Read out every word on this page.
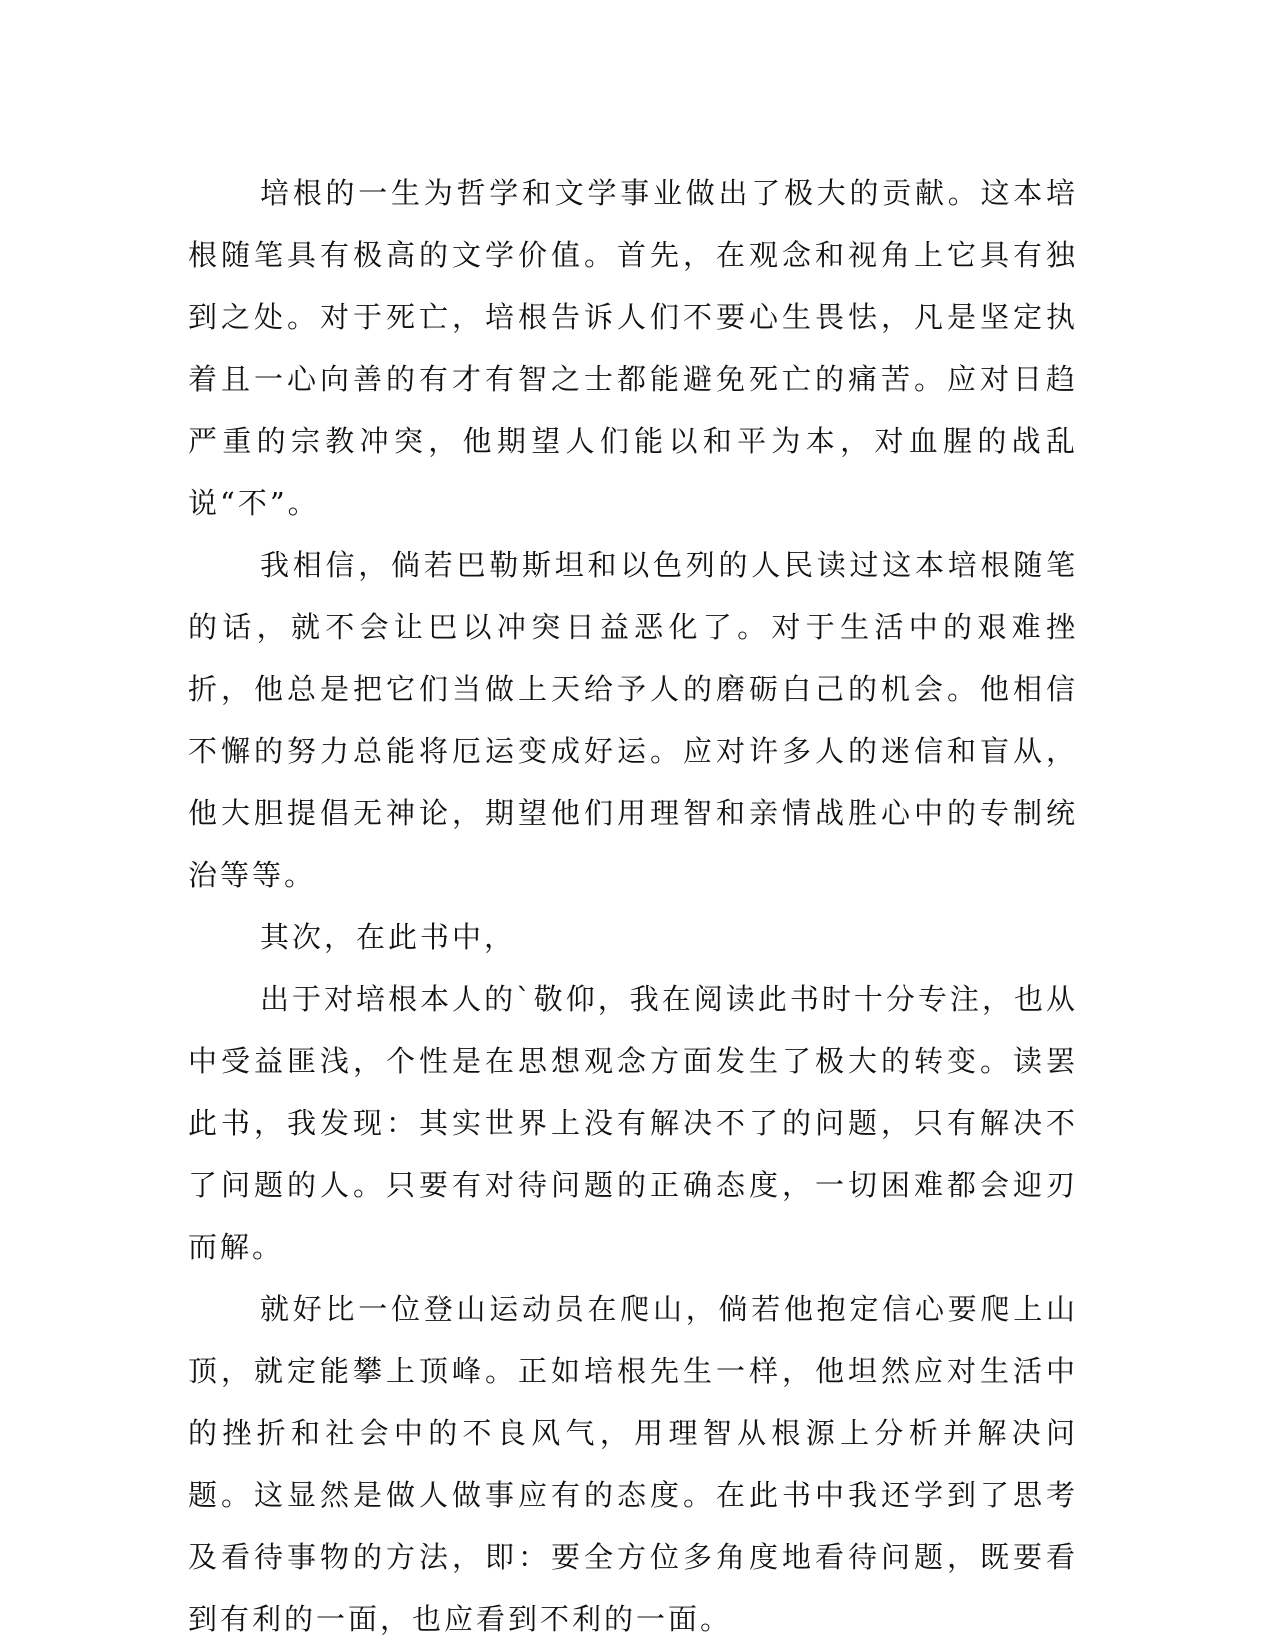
培根的一生为哲学和文学事业做出了极大的贡献。这本培根随笔具有极高的文学价值。首先，在观念和视角上它具有独到之处。对于死亡，培根告诉人们不要心生畏怯，凡是坚定执着且一心向善的有才有智之士都能避免死亡的痛苦。应对日趋严重的宗教冲突，他期望人们能以和平为本，对血腥的战乱说“不”。

我相信，倘若巴勒斯坦和以色列的人民读过这本培根随笔的话，就不会让巴以冲突日益恶化了。对于生活中的艰难挫折，他总是把它们当做上天给予人的磨砺白己的机会。他相信不懈的努力总能将厄运变成好运。应对许多人的迷信和盲从，他大胆提倡无神论，期望他们用理智和亲情战胜心中的专制统治等等。

其次，在此书中，

出于对培根本人的`敬仰，我在阅读此书时十分专注，也从中受益匪浅，个性是在思想观念方面发生了极大的转变。读罢此书，我发现：其实世界上没有解决不了的问题，只有解决不了问题的人。只要有对待问题的正确态度，一切困难都会迎刃而解。

就好比一位登山运动员在爬山，倘若他抱定信心要爬上山顶，就定能攀上顶峰。正如培根先生一样，他坦然应对生活中的挫折和社会中的不良风气，用理智从根源上分析并解决问题。这显然是做人做事应有的态度。在此书中我还学到了思考及看待事物的方法，即：要全方位多角度地看待问题，既要看到有利的一面，也应看到不利的一面。
